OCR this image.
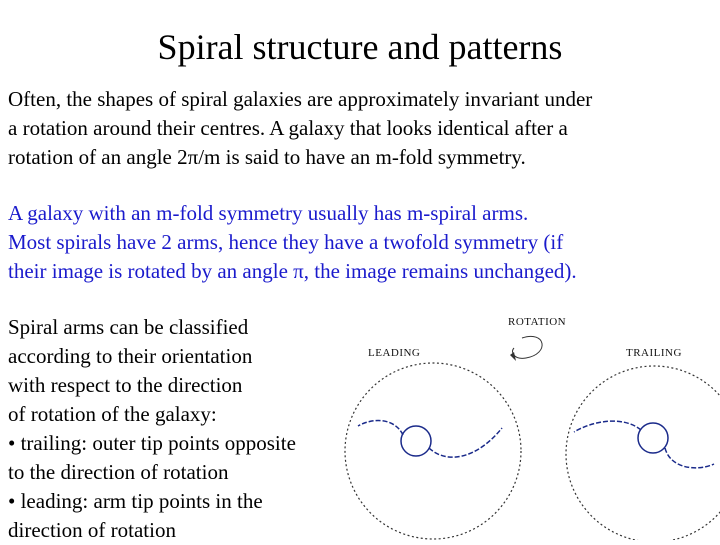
Spiral structure and patterns
Often, the shapes of spiral galaxies are approximately invariant under
a rotation around their centres. A galaxy that looks identical after a
rotation of an angle 2π/m is said to have an m-fold symmetry.
A galaxy with an m-fold symmetry usually has m-spiral arms.
Most spirals have 2 arms, hence they have a twofold symmetry (if
their image is rotated by an angle π, the image remains unchanged).
Spiral arms can be classified
according to their orientation
with respect to the direction
of rotation of the galaxy:
• trailing: outer tip points opposite
to the direction of rotation
• leading: arm tip points in the
direction of rotation
ROTATION
LEADING	TRAILING
